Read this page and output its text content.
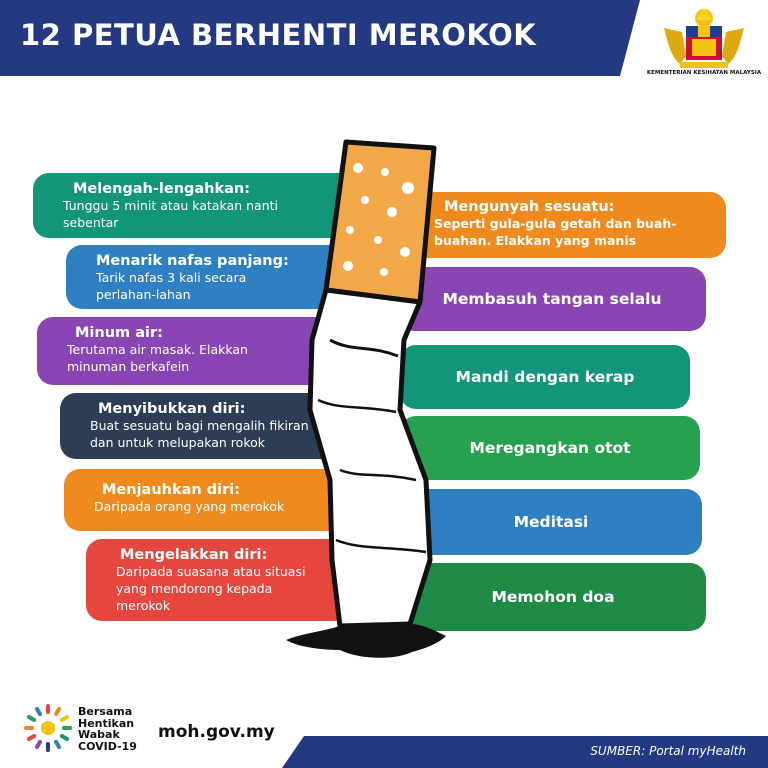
12 PETUA BERHENTI MEROKOK
KEMENTERIAN KESIHATAN MALAYSIA
Melengah-lengahkan:
Tunggu 5 minit atau katakan nanti
sebentar
Menarik nafas panjang:
Tarik nafas 3 kali secara
perlahan-lahan
Minum air:
Terutama air masak. Elakkan
minuman berkafein
Menyibukkan diri:
Buat sesuatu bagi mengalih fikiran
dan untuk melupakan rokok
Menjauhkan diri:
Daripada orang yang merokok
Mengelakkan diri:
Daripada suasana atau situasi
yang mendorong kepada
merokok
Mengunyah sesuatu:
Seperti gula-gula getah dan buah-
buahan. Elakkan yang manis
Membasuh tangan selalu
Mandi dengan kerap
Meregangkan otot
Meditasi
Memohon doa
Bersama
Hentikan
Wabak
COVID-19
moh.gov.my
SUMBER: Portal myHealth
